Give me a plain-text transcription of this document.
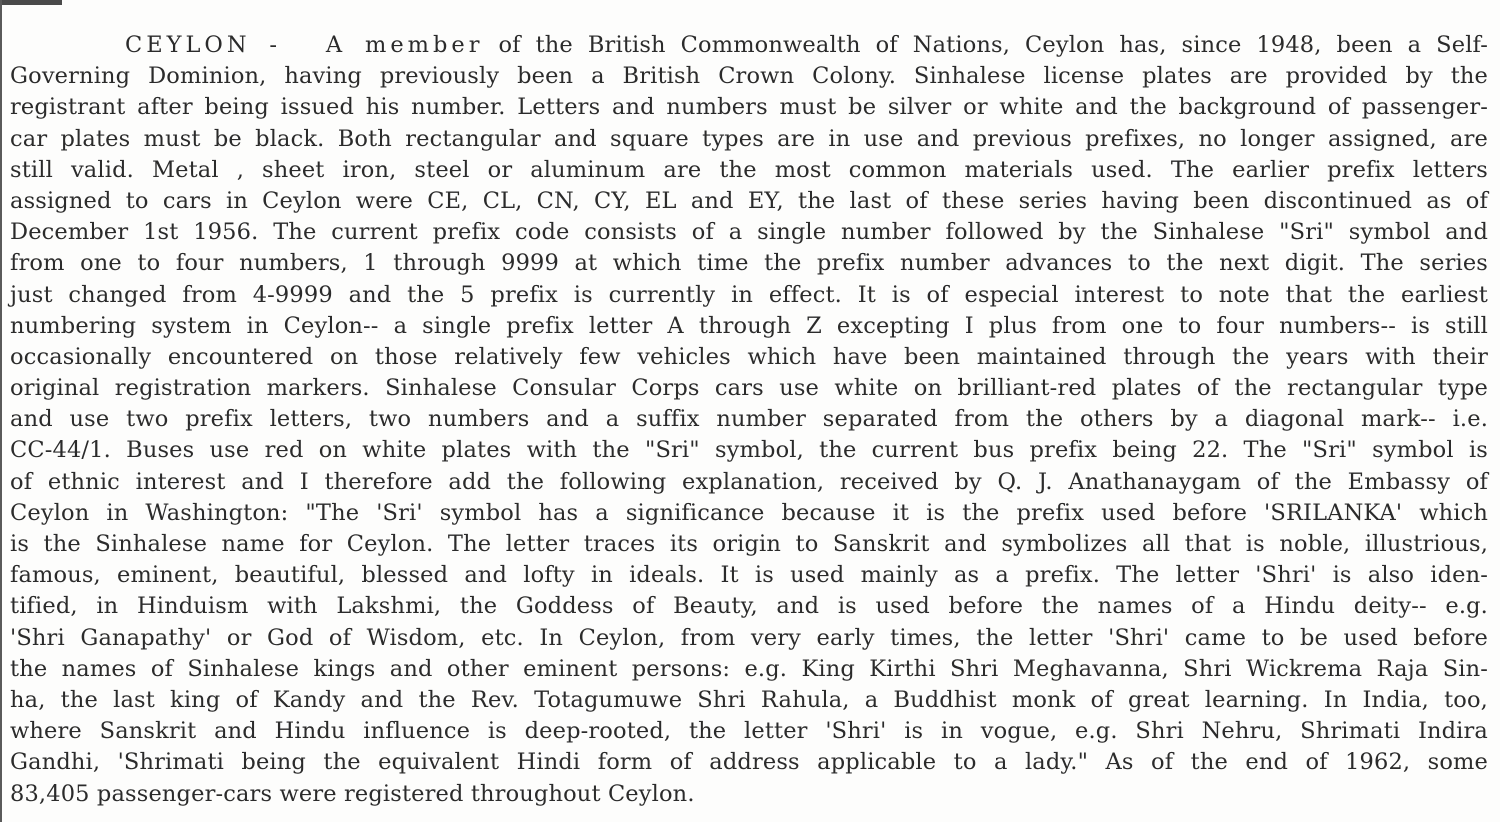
CEYLON - A member of the British Commonwealth of Nations, Ceylon has, since 1948, been a Self-
Governing Dominion, having previously been a British Crown Colony. Sinhalese license plates are provided by the
registrant after being issued his number. Letters and numbers must be silver or white and the background of passenger-
car plates must be black. Both rectangular and square types are in use and previous prefixes, no longer assigned, are
still valid. Metal , sheet iron, steel or aluminum are the most common materials used. The earlier prefix letters
assigned to cars in Ceylon were CE, CL, CN, CY, EL and EY, the last of these series having been discontinued as of
December 1st 1956. The current prefix code consists of a single number followed by the Sinhalese "Sri" symbol and
from one to four numbers, 1 through 9999 at which time the prefix number advances to the next digit. The series
just changed from 4-9999 and the 5 prefix is currently in effect. It is of especial interest to note that the earliest
numbering system in Ceylon-- a single prefix letter A through Z excepting I plus from one to four numbers-- is still
occasionally encountered on those relatively few vehicles which have been maintained through the years with their
original registration markers. Sinhalese Consular Corps cars use white on brilliant-red plates of the rectangular type
and use two prefix letters, two numbers and a suffix number separated from the others by a diagonal mark-- i.e.
CC-44/1. Buses use red on white plates with the "Sri" symbol, the current bus prefix being 22. The "Sri" symbol is
of ethnic interest and I therefore add the following explanation, received by Q. J. Anathanaygam of the Embassy of
Ceylon in Washington: "The 'Sri' symbol has a significance because it is the prefix used before 'SRILANKA' which
is the Sinhalese name for Ceylon. The letter traces its origin to Sanskrit and symbolizes all that is noble, illustrious,
famous, eminent, beautiful, blessed and lofty in ideals. It is used mainly as a prefix. The letter 'Shri' is also iden-
tified, in Hinduism with Lakshmi, the Goddess of Beauty, and is used before the names of a Hindu deity-- e.g.
'Shri Ganapathy' or God of Wisdom, etc. In Ceylon, from very early times, the letter 'Shri' came to be used before
the names of Sinhalese kings and other eminent persons: e.g. King Kirthi Shri Meghavanna, Shri Wickrema Raja Sin-
ha, the last king of Kandy and the Rev. Totagumuwe Shri Rahula, a Buddhist monk of great learning. In India, too,
where Sanskrit and Hindu influence is deep-rooted, the letter 'Shri' is in vogue, e.g. Shri Nehru, Shrimati Indira
Gandhi, 'Shrimati being the equivalent Hindi form of address applicable to a lady." As of the end of 1962, some
83,405 passenger-cars were registered throughout Ceylon.
